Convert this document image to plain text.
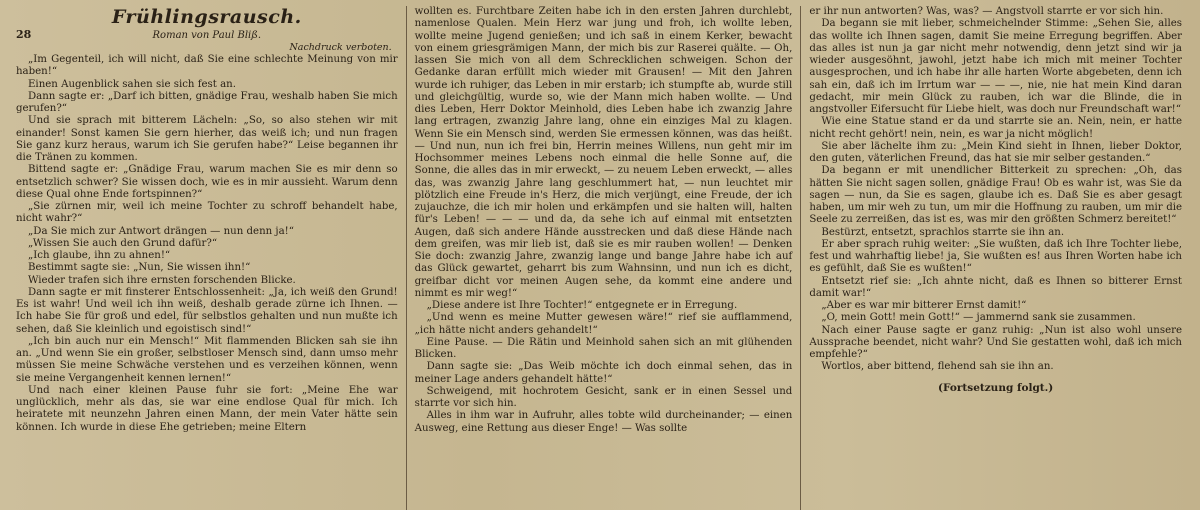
Frühlingsrausch.
28	Roman von Paul Bliß.
Nachdruck verboten.

„Im Gegenteil, ich will nicht, daß Sie eine schlechte Meinung von mir haben!“

Einen Augenblick sahen sie sich fest an.

Dann sagte er: „Darf ich bitten, gnädige Frau, weshalb haben Sie mich gerufen?“

Und sie sprach mit bitterem Lächeln: „So, so also stehen wir mit einander! Sonst kamen Sie gern hierher, das weiß ich; und nun fragen Sie ganz kurz heraus, warum ich Sie gerufen habe?“ Leise begannen ihr die Tränen zu kommen.

Bittend sagte er: „Gnädige Frau, warum machen Sie es mir denn so entsetzlich schwer? Sie wissen doch, wie es in mir aussieht. Warum denn diese Qual ohne Ende fortspinnen?“

„Sie zürnen mir, weil ich meine Tochter zu schroff behandelt habe, nicht wahr?“

„Da Sie mich zur Antwort drängen — nun denn ja!“

„Wissen Sie auch den Grund dafür?“

„Ich glaube, ihn zu ahnen!“

Bestimmt sagte sie: „Nun, Sie wissen ihn!“

Wieder trafen sich ihre ernsten forschenden Blicke.

Dann sagte er mit finsterer Entschlossenheit: „Ja, ich weiß den Grund! Es ist wahr! Und weil ich ihn weiß, deshalb gerade zürne ich Ihnen. — Ich habe Sie für groß und edel, für selbstlos gehalten und nun mußte ich sehen, daß Sie kleinlich und egoistisch sind!“

„Ich bin auch nur ein Mensch!“ Mit flammenden Blicken sah sie ihn an. „Und wenn Sie ein großer, selbstloser Mensch sind, dann umso mehr müssen Sie meine Schwäche verstehen und es verzeihen können, wenn sie meine Vergangenheit kennen lernen!“

Und nach einer kleinen Pause fuhr sie fort: „Meine Ehe war unglücklich, mehr als das, sie war eine endlose Qual für mich. Ich heiratete mit neunzehn Jahren einen Mann, der mein Vater hätte sein können. Ich wurde in diese Ehe getrieben; meine Eltern

wollten es. Furchtbare Zeiten habe ich in den ersten Jahren durchlebt, namenlose Qualen. Mein Herz war jung und froh, ich wollte leben, wollte meine Jugend genießen; und ich saß in einem Kerker, bewacht von einem griesgrämigen Mann, der mich bis zur Raserei quälte. — Oh, lassen Sie mich von all dem Schrecklichen schweigen. Schon der Gedanke daran erfüllt mich wieder mit Grausen! — Mit den Jahren wurde ich ruhiger, das Leben in mir erstarb; ich stumpfte ab, wurde still und gleichgültig, wurde so, wie der Mann mich haben wollte. — Und dies Leben, Herr Doktor Meinhold, dies Leben habe ich zwanzig Jahre lang ertragen, zwanzig Jahre lang, ohne ein einziges Mal zu klagen. Wenn Sie ein Mensch sind, werden Sie ermessen können, was das heißt. — Und nun, nun ich frei bin, Herrin meines Willens, nun geht mir im Hochsommer meines Lebens noch einmal die helle Sonne auf, die Sonne, die alles das in mir erweckt, — zu neuem Leben erweckt, — alles das, was zwanzig Jahre lang geschlummert hat, — nun leuchtet mir plötzlich eine Freude in's Herz, die mich verjüngt, eine Freude, der ich zujauchze, die ich mir holen und erkämpfen und sie halten will, halten für's Leben! — — — und da, da sehe ich auf einmal mit entsetzten Augen, daß sich andere Hände ausstrecken und daß diese Hände nach dem greifen, was mir lieb ist, daß sie es mir rauben wollen! — Denken Sie doch: zwanzig Jahre, zwanzig lange und bange Jahre habe ich auf das Glück gewartet, geharrt bis zum Wahnsinn, und nun ich es dicht, greifbar dicht vor meinen Augen sehe, da kommt eine andere und nimmt es mir weg!“

„Diese andere ist Ihre Tochter!“ entgegnete er in Erregung.

„Und wenn es meine Mutter gewesen wäre!“ rief sie aufflammend, „ich hätte nicht anders gehandelt!“

Eine Pause. — Die Rätin und Meinhold sahen sich an mit glühenden Blicken.

Dann sagte sie: „Das Weib möchte ich doch einmal sehen, das in meiner Lage anders gehandelt hätte!“

Schweigend, mit hochrotem Gesicht, sank er in einen Sessel und starrte vor sich hin.

Alles in ihm war in Aufruhr, alles tobte wild durcheinander; — einen Ausweg, eine Rettung aus dieser Enge! — Was sollte

er ihr nun antworten? Was, was? — Angstvoll starrte er vor sich hin.

Da begann sie mit lieber, schmeichelnder Stimme: „Sehen Sie, alles das wollte ich Ihnen sagen, damit Sie meine Erregung begriffen. Aber das alles ist nun ja gar nicht mehr notwendig, denn jetzt sind wir ja wieder ausgesöhnt, jawohl, jetzt habe ich mich mit meiner Tochter ausgesprochen, und ich habe ihr alle harten Worte abgebeten, denn ich sah ein, daß ich im Irrtum war — — —, nie, nie hat mein Kind daran gedacht, mir mein Glück zu rauben, ich war die Blinde, die in angstvoller Eifersucht für Liebe hielt, was doch nur Freundschaft war!“

Wie eine Statue stand er da und starrte sie an. Nein, nein, er hatte nicht recht gehört! nein, nein, es war ja nicht möglich!

Sie aber lächelte ihm zu: „Mein Kind sieht in Ihnen, lieber Doktor, den guten, väterlichen Freund, das hat sie mir selber gestanden.“

Da begann er mit unendlicher Bitterkeit zu sprechen: „Oh, das hätten Sie nicht sagen sollen, gnädige Frau! Ob es wahr ist, was Sie da sagen — nun, da Sie es sagen, glaube ich es. Daß Sie es aber gesagt haben, um mir weh zu tun, um mir die Hoffnung zu rauben, um mir die Seele zu zerreißen, das ist es, was mir den größten Schmerz bereitet!“

Bestürzt, entsetzt, sprachlos starrte sie ihn an.

Er aber sprach ruhig weiter: „Sie wußten, daß ich Ihre Tochter liebe, fest und wahrhaftig liebe! ja, Sie wußten es! aus Ihren Worten habe ich es gefühlt, daß Sie es wußten!“

Entsetzt rief sie: „Ich ahnte nicht, daß es Ihnen so bitterer Ernst damit war!“

„Aber es war mir bitterer Ernst damit!“

„O, mein Gott! mein Gott!“ — jammernd sank sie zusammen.

Nach einer Pause sagte er ganz ruhig: „Nun ist also wohl unsere Aussprache beendet, nicht wahr? Und Sie gestatten wohl, daß ich mich empfehle?“

Wortlos, aber bittend, flehend sah sie ihn an.

(Fortsetzung folgt.)
